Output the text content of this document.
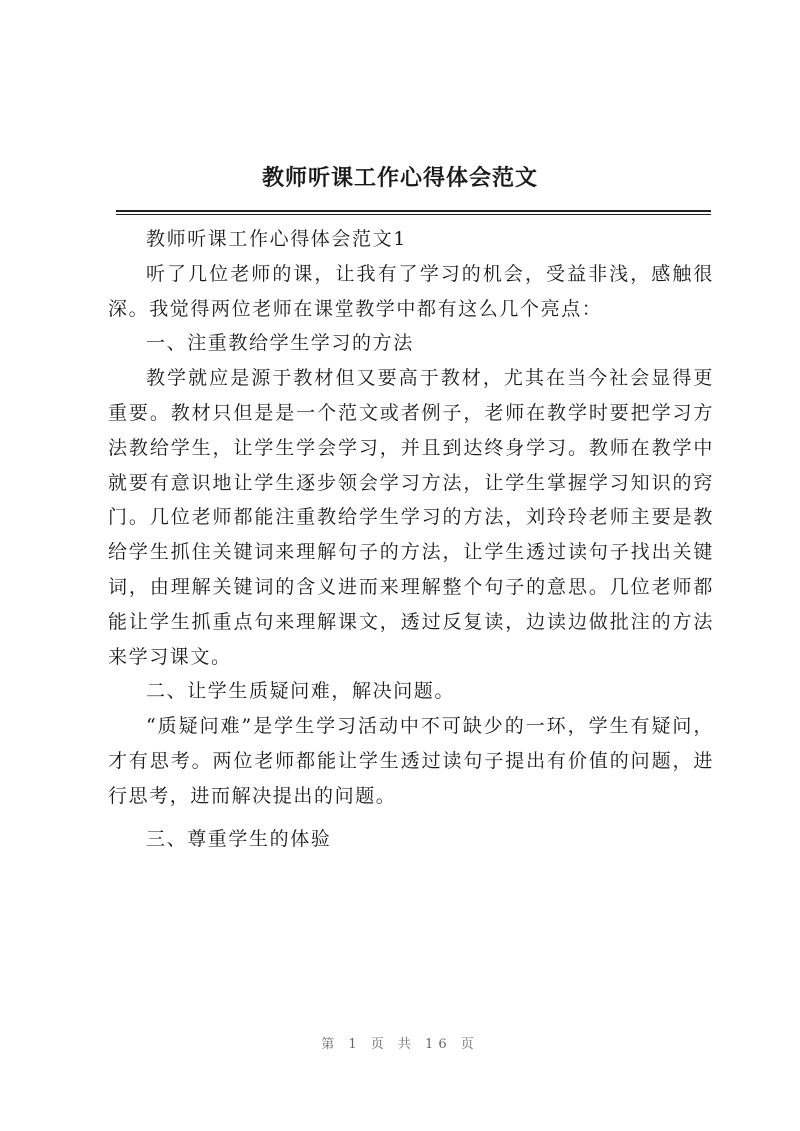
教师听课工作心得体会范文

教师听课工作心得体会范文1

听了几位老师的课，让我有了学习的机会，受益非浅，感触很深。我觉得两位老师在课堂教学中都有这么几个亮点：

一、注重教给学生学习的方法

教学就应是源于教材但又要高于教材，尤其在当今社会显得更重要。教材只但是是一个范文或者例子，老师在教学时要把学习方法教给学生，让学生学会学习，并且到达终身学习。教师在教学中就要有意识地让学生逐步领会学习方法，让学生掌握学习知识的窍门。几位老师都能注重教给学生学习的方法，刘玲玲老师主要是教给学生抓住关键词来理解句子的方法，让学生透过读句子找出关键词，由理解关键词的含义进而来理解整个句子的意思。几位老师都能让学生抓重点句来理解课文，透过反复读，边读边做批注的方法来学习课文。

二、让学生质疑问难，解决问题。

“质疑问难”是学生学习活动中不可缺少的一环，学生有疑问，才有思考。两位老师都能让学生透过读句子提出有价值的问题，进行思考，进而解决提出的问题。

三、尊重学生的体验

第 1 页 共 16 页
